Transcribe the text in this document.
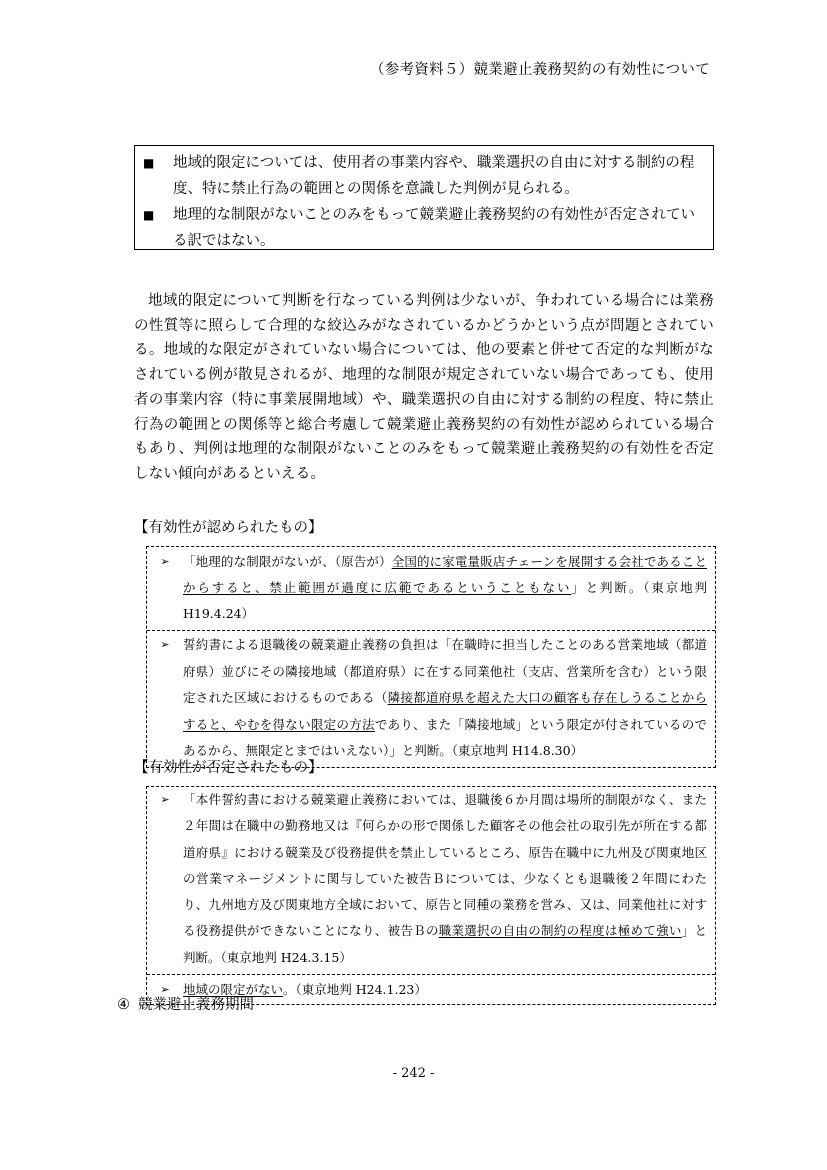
（参考資料５）競業避止義務契約の有効性について
■	地域的限定については、使用者の事業内容や、職業選択の自由に対する制約の程度、特に禁止行為の範囲との関係を意識した判例が見られる。
■	地理的な制限がないことのみをもって競業避止義務契約の有効性が否定されている訳ではない。
地域的限定について判断を行なっている判例は少ないが、争われている場合には業務の性質等に照らして合理的な絞込みがなされているかどうかという点が問題とされている。地域的な限定がされていない場合については、他の要素と併せて否定的な判断がなされている例が散見されるが、地理的な制限が規定されていない場合であっても、使用者の事業内容（特に事業展開地域）や、職業選択の自由に対する制約の程度、特に禁止行為の範囲との関係等と総合考慮して競業避止義務契約の有効性が認められている場合もあり、判例は地理的な制限がないことのみをもって競業避止義務契約の有効性を否定しない傾向があるといえる。
【有効性が認められたもの】
➢	「地理的な制限がないが、（原告が）全国的に家電量販店チェーンを展開する会社であることからすると、禁止範囲が過度に広範であるということもない」と判断。（東京地判 H19.4.24）
➢	誓約書による退職後の競業避止義務の負担は「在職時に担当したことのある営業地域（都道府県）並びにその隣接地域（都道府県）に在する同業他社（支店、営業所を含む）という限定された区域におけるものである（隣接都道府県を超えた大口の顧客も存在しうることからすると、やむを得ない限定の方法であり、また「隣接地域」という限定が付されているのであるから、無限定とまではいえない）」と判断。（東京地判 H14.8.30）
【有効性が否定されたもの】
➢	「本件誓約書における競業避止義務においては、退職後６か月間は場所的制限がなく、また２年間は在職中の勤務地又は『何らかの形で関係した顧客その他会社の取引先が所在する都道府県』における競業及び役務提供を禁止しているところ、原告在職中に九州及び関東地区の営業マネージメントに関与していた被告Ｂについては、少なくとも退職後２年間にわたり、九州地方及び関東地方全域において、原告と同種の業務を営み、又は、同業他社に対する役務提供ができないことになり、被告Ｂの職業選択の自由の制約の程度は極めて強い」と判断。（東京地判 H24.3.15）
➢	地域の限定がない。（東京地判 H24.1.23）
④ 競業避止義務期間
- 242 -
